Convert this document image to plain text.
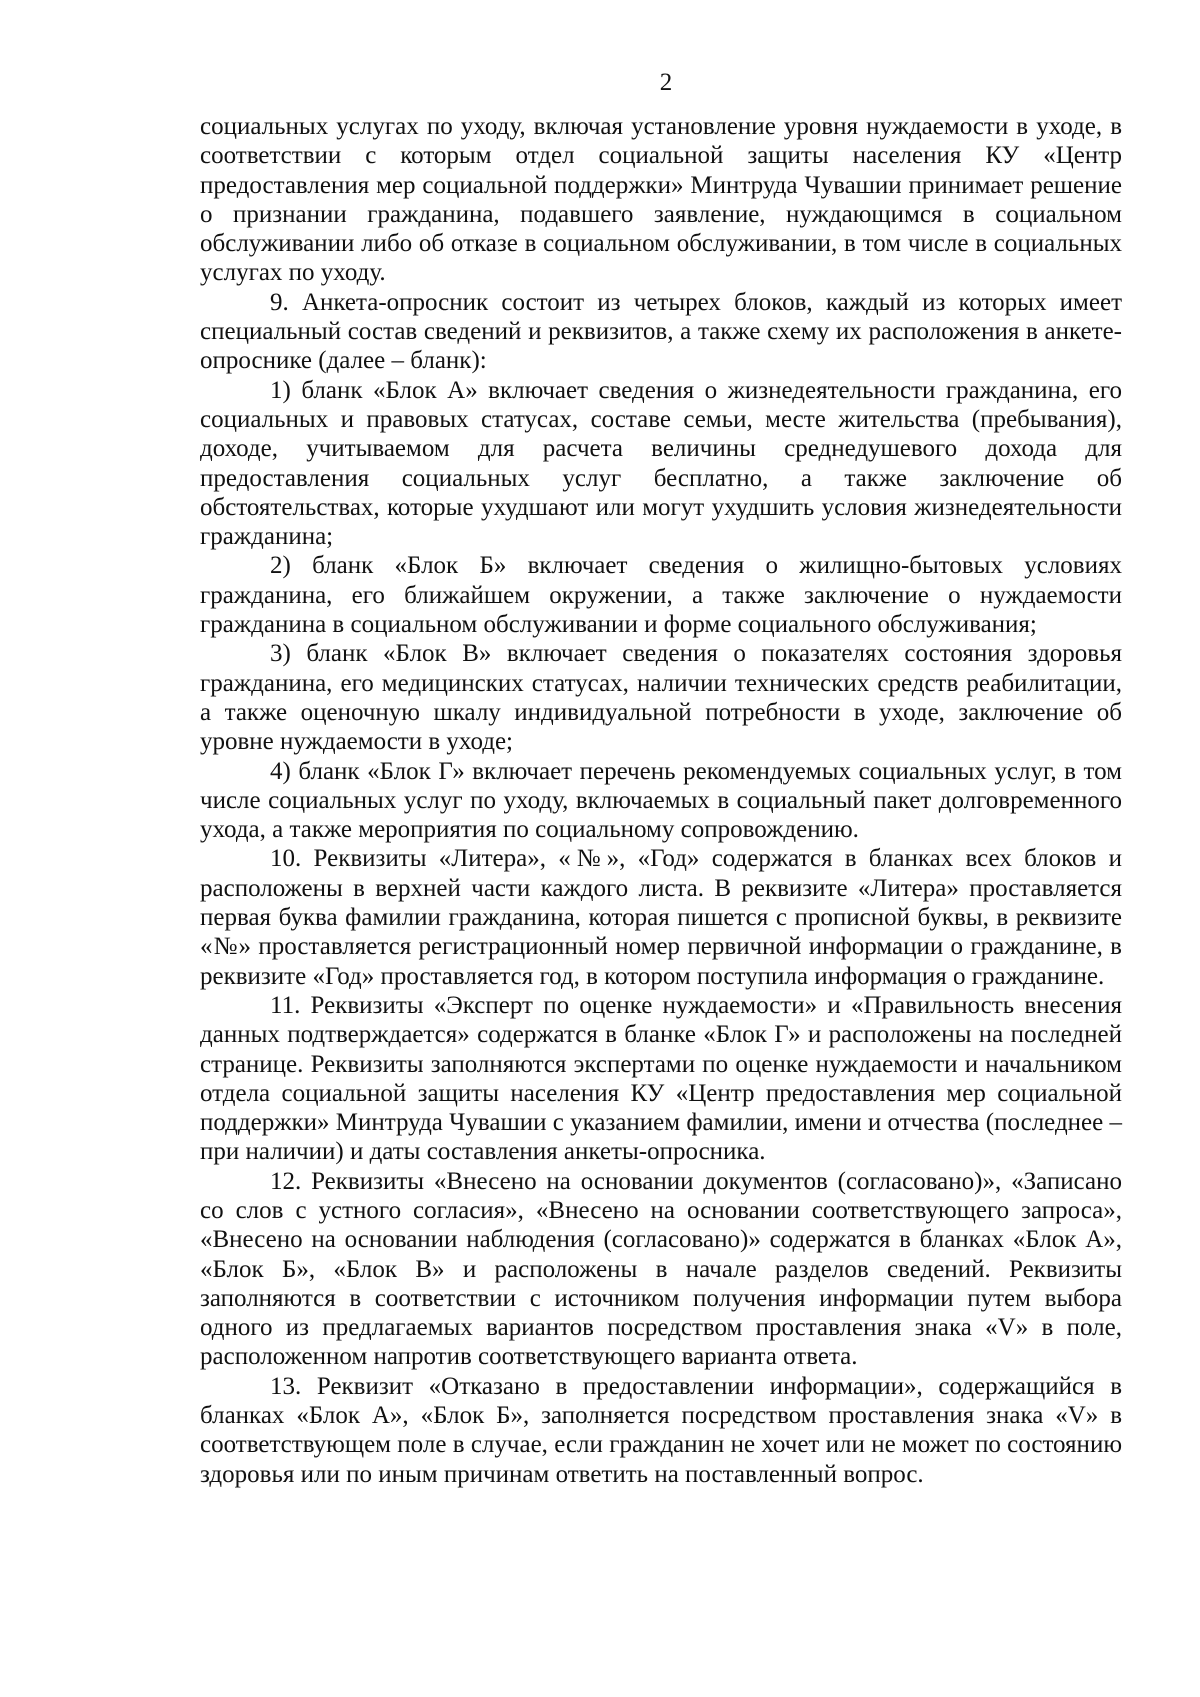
2

социальных услугах по уходу, включая установление уровня нуждаемости в уходе, в соответствии с которым отдел социальной защиты населения КУ «Центр предоставления мер социальной поддержки» Минтруда Чувашии принимает решение о признании гражданина, подавшего заявление, нуждающимся в социальном обслуживании либо об отказе в социальном обслуживании, в том числе в социальных услугах по уходу.

9. Анкета-опросник состоит из четырех блоков, каждый из которых имеет специальный состав сведений и реквизитов, а также схему их расположения в анкете-опроснике (далее – бланк):

1) бланк «Блок А» включает сведения о жизнедеятельности гражданина, его социальных и правовых статусах, составе семьи, месте жительства (пребывания), доходе, учитываемом для расчета величины среднедушевого дохода для предоставления социальных услуг бесплатно, а также заключение об обстоятельствах, которые ухудшают или могут ухудшить условия жизнедеятельности гражданина;

2) бланк «Блок Б» включает сведения о жилищно-бытовых условиях гражданина, его ближайшем окружении, а также заключение о нуждаемости гражданина в социальном обслуживании и форме социального обслуживания;

3) бланк «Блок В» включает сведения о показателях состояния здоровья гражданина, его медицинских статусах, наличии технических средств реабилитации, а также оценочную шкалу индивидуальной потребности в уходе, заключение об уровне нуждаемости в уходе;

4) бланк «Блок Г» включает перечень рекомендуемых социальных услуг, в том числе социальных услуг по уходу, включаемых в социальный пакет долговременного ухода, а также мероприятия по социальному сопровождению.

10. Реквизиты «Литера», «№», «Год» содержатся в бланках всех блоков и расположены в верхней части каждого листа. В реквизите «Литера» проставляется первая буква фамилии гражданина, которая пишется с прописной буквы, в реквизите «№» проставляется регистрационный номер первичной информации о гражданине, в реквизите «Год» проставляется год, в котором поступила информация о гражданине.

11. Реквизиты «Эксперт по оценке нуждаемости» и «Правильность внесения данных подтверждается» содержатся в бланке «Блок Г» и расположены на последней странице. Реквизиты заполняются экспертами по оценке нуждаемости и начальником отдела социальной защиты населения КУ «Центр предоставления мер социальной поддержки» Минтруда Чувашии с указанием фамилии, имени и отчества (последнее – при наличии) и даты составления анкеты-опросника.

12. Реквизиты «Внесено на основании документов (согласовано)», «Записано со слов с устного согласия», «Внесено на основании соответствующего запроса», «Внесено на основании наблюдения (согласовано)» содержатся в бланках «Блок А», «Блок Б», «Блок В» и расположены в начале разделов сведений. Реквизиты заполняются в соответствии с источником получения информации путем выбора одного из предлагаемых вариантов посредством проставления знака «V» в поле, расположенном напротив соответствующего варианта ответа.

13. Реквизит «Отказано в предоставлении информации», содержащийся в бланках «Блок А», «Блок Б», заполняется посредством проставления знака «V» в соответствующем поле в случае, если гражданин не хочет или не может по состоянию здоровья или по иным причинам ответить на поставленный вопрос.
